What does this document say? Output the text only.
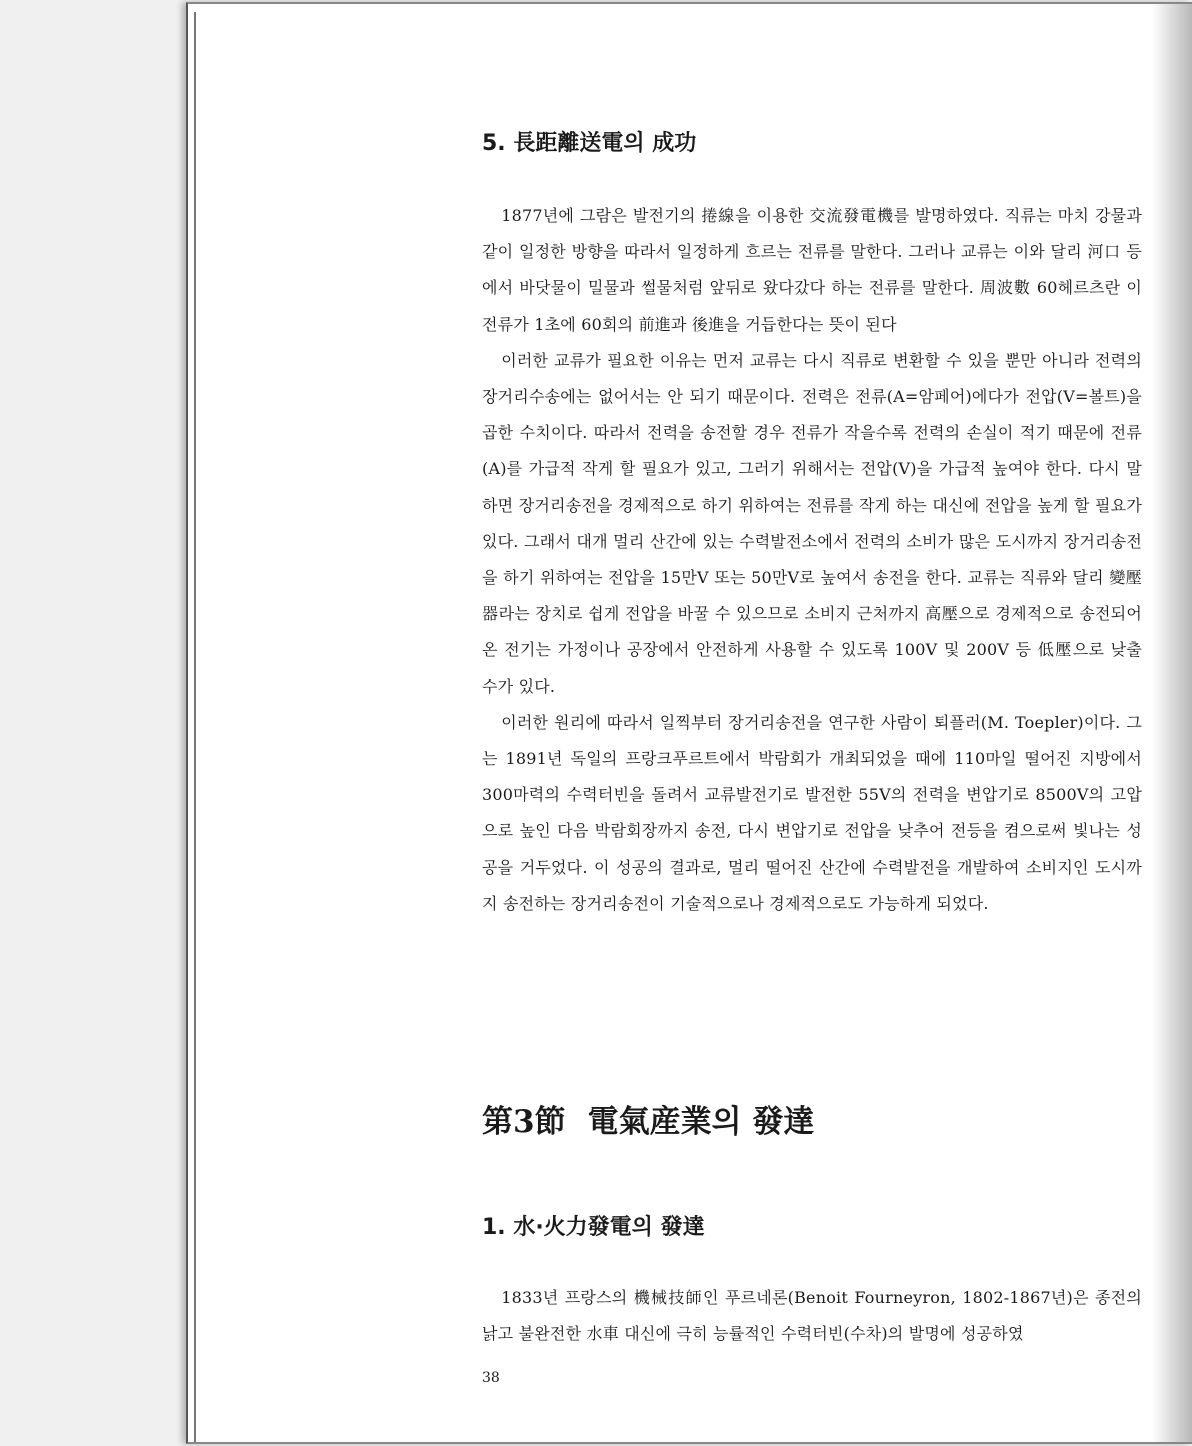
5. 長距離送電의 成功

1877년에 그람은 발전기의 捲線을 이용한 交流發電機를 발명하였다. 직류는 마치 강물과 같이 일정한 방향을 따라서 일정하게 흐르는 전류를 말한다. 그러나 교류는 이와 달리 河口 등에서 바닷물이 밀물과 썰물처럼 앞뒤로 왔다갔다 하는 전류를 말한다. 周波數 60헤르츠란 이 전류가 1초에 60회의 前進과 後進을 거듭한다는 뜻이 된다

이러한 교류가 필요한 이유는 먼저 교류는 다시 직류로 변환할 수 있을 뿐만 아니라 전력의 장거리수송에는 없어서는 안 되기 때문이다. 전력은 전류(A=암페어)에다가 전압(V=볼트)을 곱한 수치이다. 따라서 전력을 송전할 경우 전류가 작을수록 전력의 손실이 적기 때문에 전류(A)를 가급적 작게 할 필요가 있고, 그러기 위해서는 전압(V)을 가급적 높여야 한다. 다시 말하면 장거리송전을 경제적으로 하기 위하여는 전류를 작게 하는 대신에 전압을 높게 할 필요가 있다. 그래서 대개 멀리 산간에 있는 수력발전소에서 전력의 소비가 많은 도시까지 장거리송전을 하기 위하여는 전압을 15만V 또는 50만V로 높여서 송전을 한다. 교류는 직류와 달리 變壓器라는 장치로 쉽게 전압을 바꿀 수 있으므로 소비지 근처까지 高壓으로 경제적으로 송전되어 온 전기는 가정이나 공장에서 안전하게 사용할 수 있도록 100V 및 200V 등 低壓으로 낮출 수가 있다.

이러한 원리에 따라서 일찍부터 장거리송전을 연구한 사람이 퇴플러(M. Toepler)이다. 그는 1891년 독일의 프랑크푸르트에서 박람회가 개최되었을 때에 110마일 떨어진 지방에서 300마력의 수력터빈을 돌려서 교류발전기로 발전한 55V의 전력을 변압기로 8500V의 고압으로 높인 다음 박람회장까지 송전, 다시 변압기로 전압을 낮추어 전등을 켬으로써 빛나는 성공을 거두었다. 이 성공의 결과로, 멀리 떨어진 산간에 수력발전을 개발하여 소비지인 도시까지 송전하는 장거리송전이 기술적으로나 경제적으로도 가능하게 되었다.

第3節 電氣産業의 發達
1. 水·火力發電의 發達

1833년 프랑스의 機械技師인 푸르네론(Benoit Fourneyron, 1802-1867년)은 종전의 낡고 불완전한 水車 대신에 극히 능률적인 수력터빈(수차)의 발명에 성공하였

38
